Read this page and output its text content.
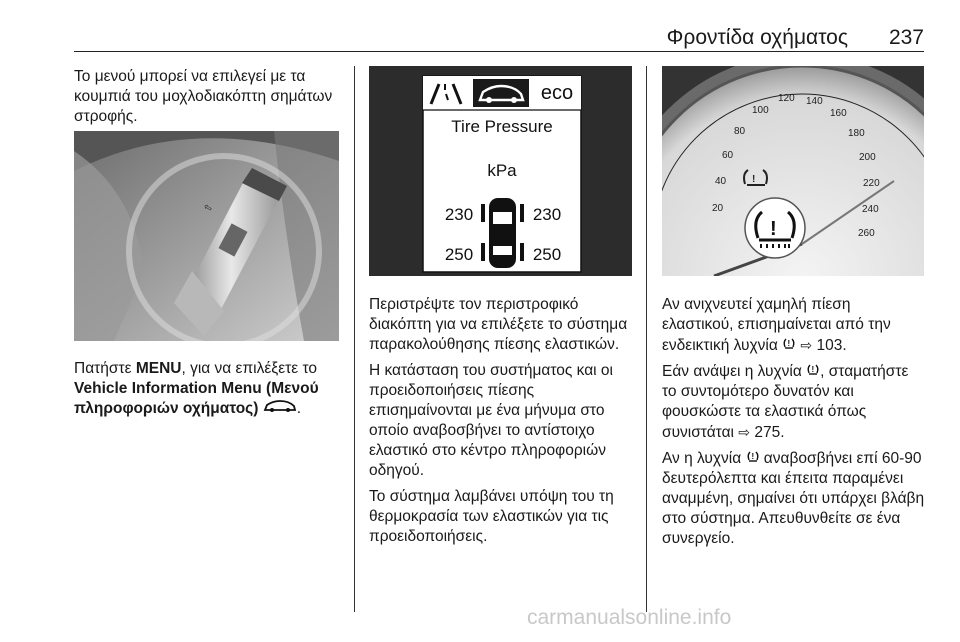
Φροντίδα οχήματος 237

Το μενού μπορεί να επιλεγεί με τα κουμπιά του μοχλοδιακόπτη σημάτων στροφής.

⇧

Πατήστε MENU, για να επιλέξετε το Vehicle Information Menu (Μενού πληροφοριών οχήματος) .

eco
Tire Pressure
kPa
230	230
250	250

Περιστρέψτε τον περιστροφικό διακόπτη για να επιλέξετε το σύστημα παρακολούθησης πίεσης ελαστικών.

Η κατάσταση του συστήματος και οι προειδοποιήσεις πίεσης επισημαίνονται με ένα μήνυμα στο οποίο αναβοσβήνει το αντίστοιχο ελαστικό στο κέντρο πληροφοριών οδηγού.

Το σύστημα λαμβάνει υπόψη του τη θερμοκρασία των ελαστικών για τις προειδοποιήσεις.

20
40
60
80
100
120 140
160
180
200
220
240
260
!
!

Αν ανιχνευτεί χαμηλή πίεση ελαστικού, επισημαίνεται από την ενδεικτική λυχνία ! ⇨ 103.

Εάν ανάψει η λυχνία ! , σταματήστε το συντομότερο δυνατόν και φουσκώστε τα ελαστικά όπως συνιστάται ⇨ 275.

Αν η λυχνία ! αναβοσβήνει επί 60-90 δευτερόλεπτα και έπειτα παραμένει αναμμένη, σημαίνει ότι υπάρχει βλάβη στο σύστημα. Απευθυνθείτε σε ένα συνεργείο.

carmanualsonline.info
